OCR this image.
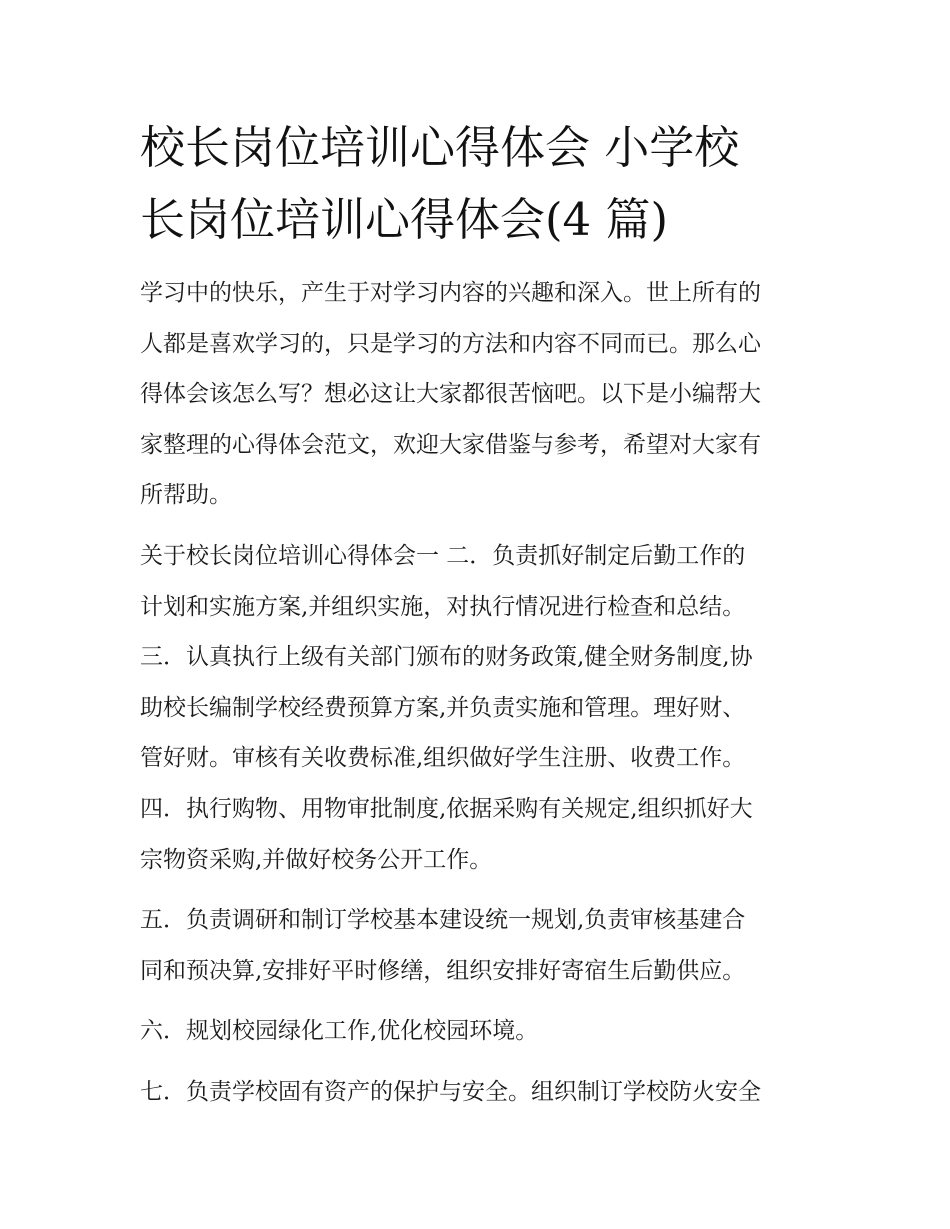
校长岗位培训心得体会 小学校
长岗位培训心得体会(4 篇)

学习中的快乐，产生于对学习内容的兴趣和深入。世上所有的
人都是喜欢学习的，只是学习的方法和内容不同而已。那么心
得体会该怎么写？想必这让大家都很苦恼吧。以下是小编帮大
家整理的心得体会范文，欢迎大家借鉴与参考，希望对大家有
所帮助。

关于校长岗位培训心得体会一 二．负责抓好制定后勤工作的
计划和实施方案,并组织实施，对执行情况进行检查和总结。
三．认真执行上级有关部门颁布的财务政策,健全财务制度,协
助校长编制学校经费预算方案,并负责实施和管理。理好财、
管好财。审核有关收费标准,组织做好学生注册、收费工作。
四．执行购物、用物审批制度,依据采购有关规定,组织抓好大
宗物资采购,并做好校务公开工作。

五．负责调研和制订学校基本建设统一规划,负责审核基建合
同和预决算,安排好平时修缮，组织安排好寄宿生后勤供应。

六．规划校园绿化工作,优化校园环境。

七．负责学校固有资产的保护与安全。组织制订学校防火安全
